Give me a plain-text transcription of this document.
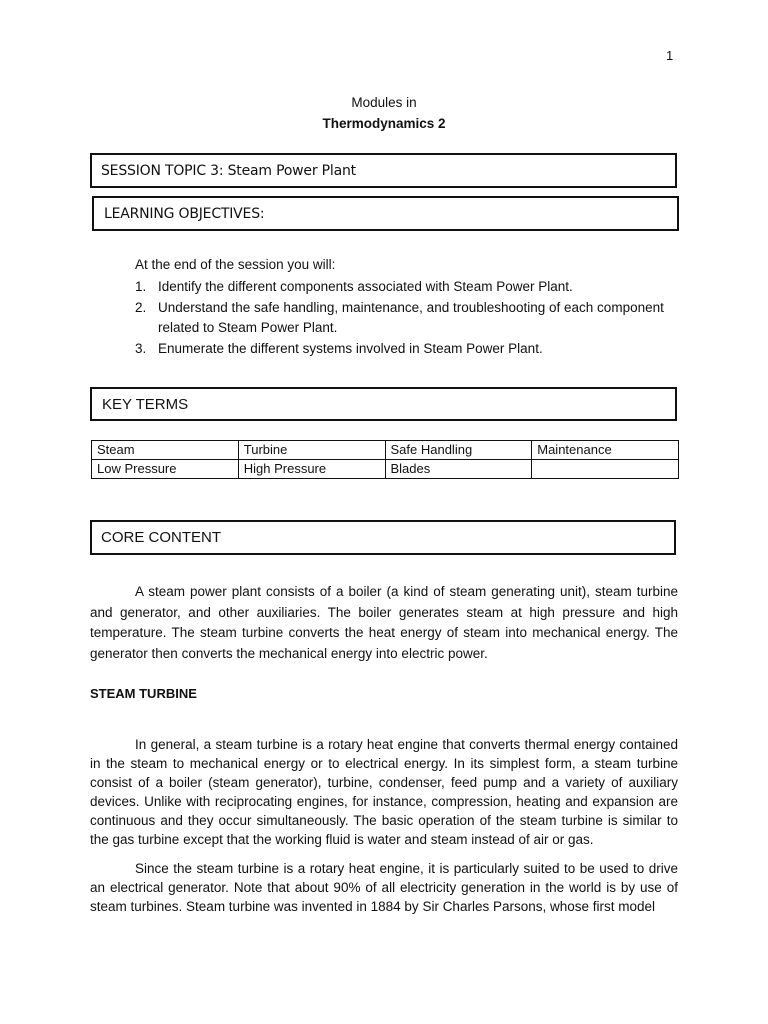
1
Modules in
Thermodynamics 2
SESSION TOPIC 3: Steam Power Plant
LEARNING OBJECTIVES:
At the end of the session you will:
1. Identify the different components associated with Steam Power Plant.
2. Understand the safe handling, maintenance, and troubleshooting of each component related to Steam Power Plant.
3. Enumerate the different systems involved in Steam Power Plant.
KEY TERMS
Steam	Turbine	Safe Handling	Maintenance
Low Pressure	High Pressure	Blades	
CORE CONTENT
A steam power plant consists of a boiler (a kind of steam generating unit), steam turbine and generator, and other auxiliaries. The boiler generates steam at high pressure and high temperature. The steam turbine converts the heat energy of steam into mechanical energy. The generator then converts the mechanical energy into electric power.
STEAM TURBINE
In general, a steam turbine is a rotary heat engine that converts thermal energy contained in the steam to mechanical energy or to electrical energy. In its simplest form, a steam turbine consist of a boiler (steam generator), turbine, condenser, feed pump and a variety of auxiliary devices. Unlike with reciprocating engines, for instance, compression, heating and expansion are continuous and they occur simultaneously. The basic operation of the steam turbine is similar to the gas turbine except that the working fluid is water and steam instead of air or gas.
Since the steam turbine is a rotary heat engine, it is particularly suited to be used to drive an electrical generator. Note that about 90% of all electricity generation in the world is by use of steam turbines. Steam turbine was invented in 1884 by Sir Charles Parsons, whose first model
